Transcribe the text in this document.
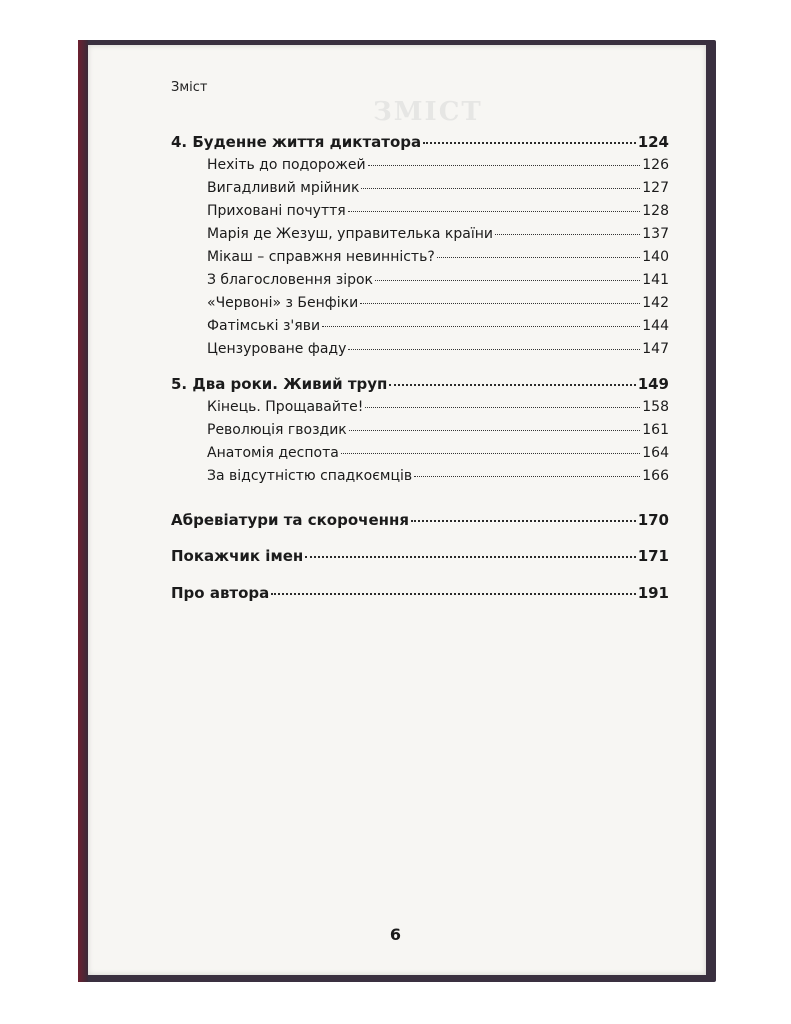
ЗМІСТ
Зміст
4. Буденне життя диктатора	124
Нехіть до подорожей	126
Вигадливий мрійник	127
Приховані почуття	128
Марія де Жезуш, управителька країни	137
Мікаш – справжня невинність?	140
З благословення зірок	141
«Червоні» з Бенфіки	142
Фатімські з'яви	144
Цензуроване фаду	147
5. Два роки. Живий труп	149
Кінець. Прощавайте!	158
Революція гвоздик	161
Анатомія деспота	164
За відсутністю спадкоємців	166
Абревіатури та скорочення	170
Покажчик імен	171
Про автора	191
6
